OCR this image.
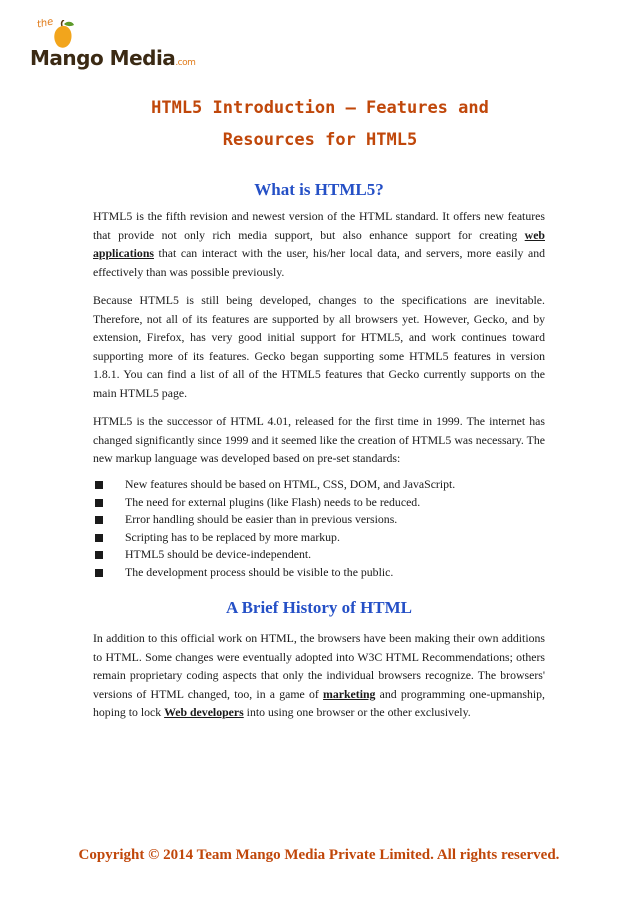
the
Mango Media.com
HTML5 Introduction – Features and
Resources for HTML5
What is HTML5?

HTML5 is the fifth revision and newest version of the HTML standard. It offers new features that provide not only rich media support, but also enhance support for creating web applications that can interact with the user, his/her local data, and servers, more easily and effectively than was possible previously.

Because HTML5 is still being developed, changes to the specifications are inevitable. Therefore, not all of its features are supported by all browsers yet. However, Gecko, and by extension, Firefox, has very good initial support for HTML5, and work continues toward supporting more of its features. Gecko began supporting some HTML5 features in version 1.8.1. You can find a list of all of the HTML5 features that Gecko currently supports on the main HTML5 page.

HTML5 is the successor of HTML 4.01, released for the first time in 1999. The internet has changed significantly since 1999 and it seemed like the creation of HTML5 was necessary. The new markup language was developed based on pre-set standards:

New features should be based on HTML, CSS, DOM, and JavaScript.
The need for external plugins (like Flash) needs to be reduced.
Error handling should be easier than in previous versions.
Scripting has to be replaced by more markup.
HTML5 should be device-independent.
The development process should be visible to the public.
A Brief History of HTML

In addition to this official work on HTML, the browsers have been making their own additions to HTML. Some changes were eventually adopted into W3C HTML Recommendations; others remain proprietary coding aspects that only the individual browsers recognize. The browsers' versions of HTML changed, too, in a game of marketing and programming one-upmanship, hoping to lock Web developers into using one browser or the other exclusively.

Copyright © 2014 Team Mango Media Private Limited. All rights reserved.
